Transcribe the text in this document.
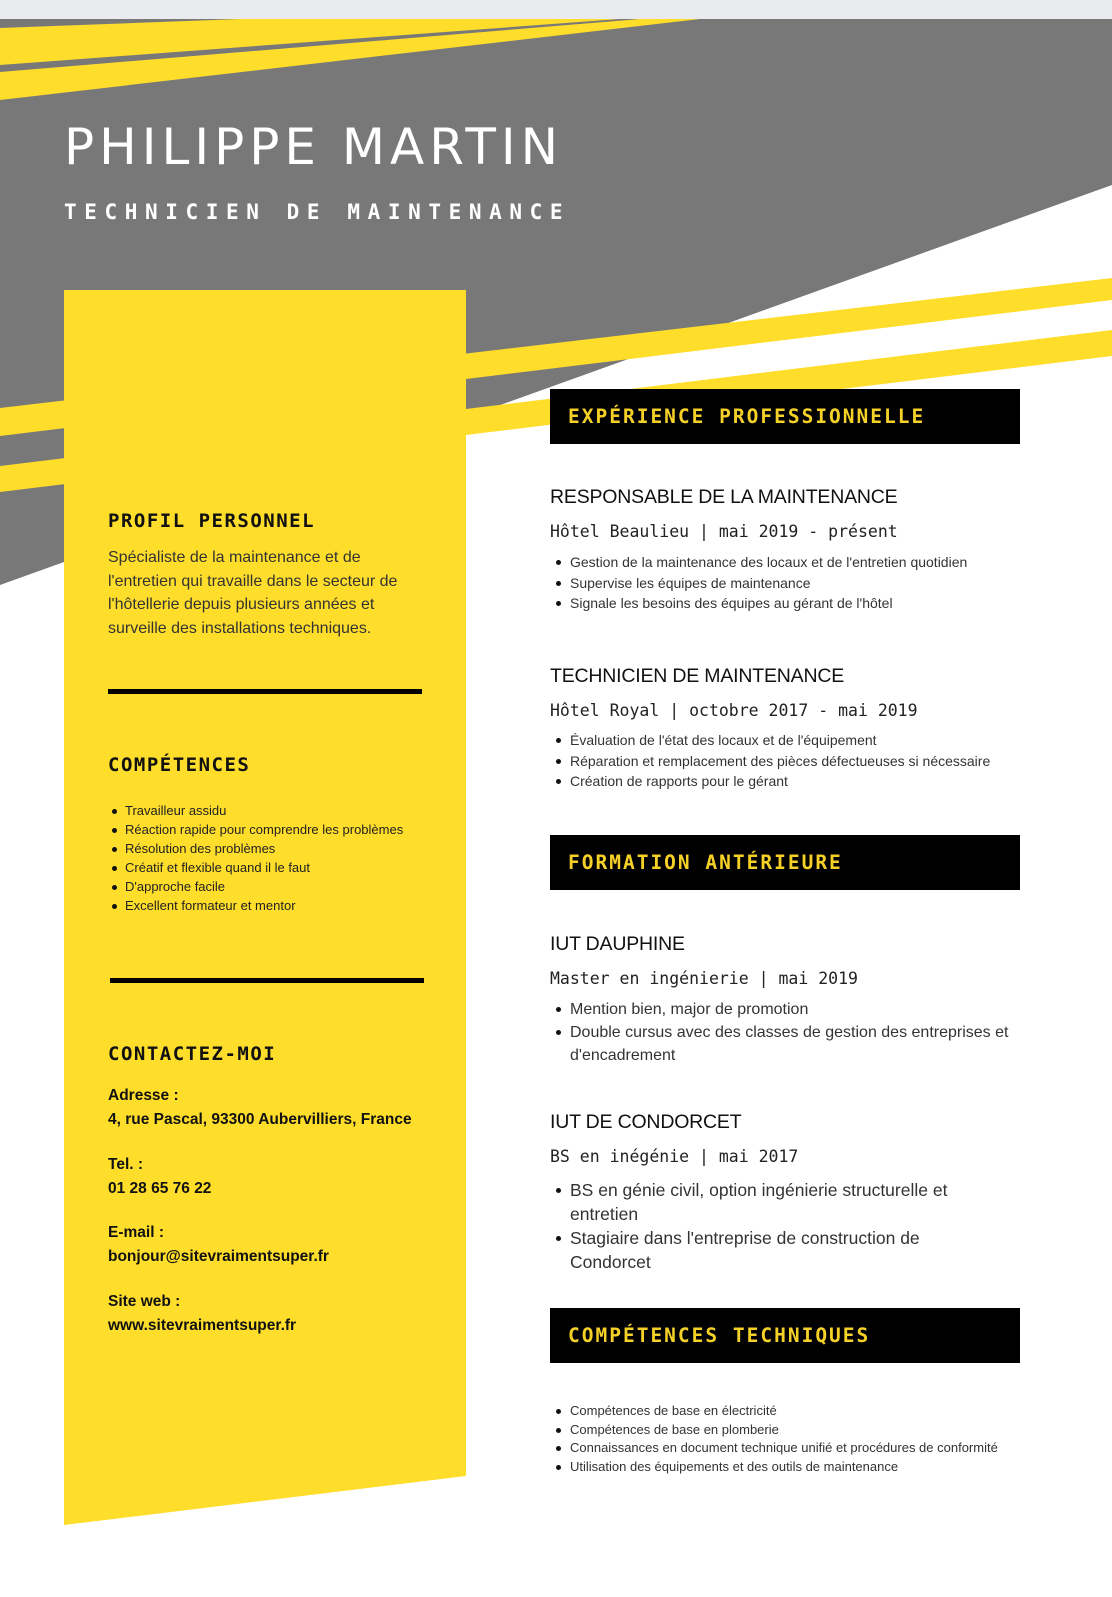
PHILIPPE MARTIN
TECHNICIEN DE MAINTENANCE
PROFIL PERSONNEL
Spécialiste de la maintenance et de l'entretien qui travaille dans le secteur de l'hôtellerie depuis plusieurs années et surveille des installations techniques.
COMPÉTENCES
Travailleur assidu
Réaction rapide pour comprendre les problèmes
Résolution des problèmes
Créatif et flexible quand il le faut
D'approche facile
Excellent formateur et mentor
CONTACTEZ-MOI
Adresse :
4, rue Pascal, 93300 Aubervilliers, France
Tel. :
01 28 65 76 22
E-mail :
bonjour@sitevraimentsuper.fr
Site web :
www.sitevraimentsuper.fr
EXPÉRIENCE PROFESSIONNELLE
RESPONSABLE DE LA MAINTENANCE
Hôtel Beaulieu | mai 2019 - présent
Gestion de la maintenance des locaux et de l'entretien quotidien
Supervise les équipes de maintenance
Signale les besoins des équipes au gérant de l'hôtel
TECHNICIEN DE MAINTENANCE
Hôtel Royal | octobre 2017 - mai 2019
Évaluation de l'état des locaux et de l'équipement
Réparation et remplacement des pièces défectueuses si nécessaire
Création de rapports pour le gérant
FORMATION ANTÉRIEURE
IUT DAUPHINE
Master en ingénierie | mai 2019
Mention bien, major de promotion
Double cursus avec des classes de gestion des entreprises et d'encadrement
IUT DE CONDORCET
BS en inégénie | mai 2017
BS en génie civil, option ingénierie structurelle et entretien
Stagiaire dans l'entreprise de construction de Condorcet
COMPÉTENCES TECHNIQUES
Compétences de base en électricité
Compétences de base en plomberie
Connaissances en document technique unifié et procédures de conformité
Utilisation des équipements et des outils de maintenance
